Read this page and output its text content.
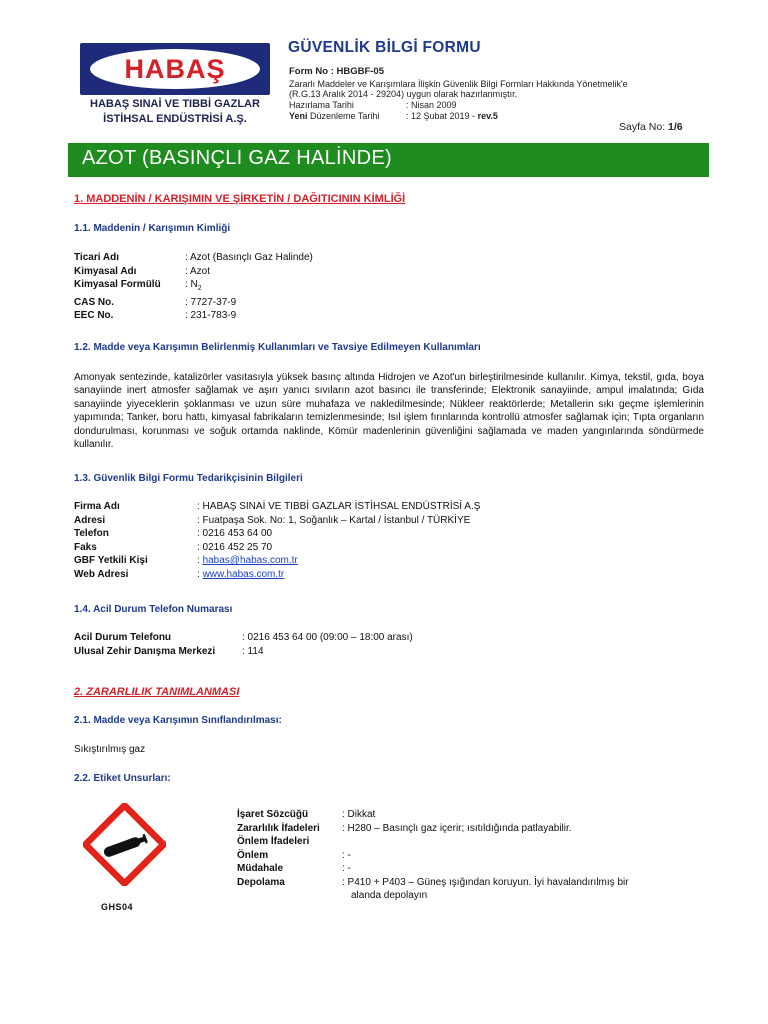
HABAŞ
HABAŞ SINAİ VE TIBBİ GAZLAR
İSTİHSAL ENDÜSTRİSİ A.Ş.
GÜVENLİK BİLGİ FORMU
Form No : HBGBF-05
Zararlı Maddeler ve Karışımlara İlişkin Güvenlik Bilgi Formları Hakkında Yönetmelik'e
(R.G.13 Aralık 2014 - 29204) uygun olarak hazırlanmıştır.
Hazırlama Tarihi	: Nisan 2009
Yeni Düzenleme Tarihi	: 12 Şubat 2019 - rev.5
Sayfa No: 1/6
AZOT (BASINÇLI GAZ HALİNDE)
1. MADDENİN / KARIŞIMIN VE ŞİRKETİN / DAĞITICININ KİMLİĞİ
1.1. Maddenin / Karışımın Kimliği
Ticari Adı	: Azot (Basınçlı Gaz Halinde)
Kimyasal Adı	: Azot
Kimyasal Formülü : $N_2$
CAS No.	: 7727-37-9
EEC No.	: 231-783-9
1.2. Madde veya Karışımın Belirlenmiş Kullanımları ve Tavsiye Edilmeyen Kullanımları
Amonyak sentezinde, katalizörler vasıtasıyla yüksek basınç altında Hidrojen ve Azot'un birleştirilmesinde kullanılır. Kimya, tekstil, gıda, boya sanayiinde inert atmosfer sağlamak ve aşırı yanıcı sıvıların azot basıncı ile transferinde; Elektronik sanayiinde, ampul imalatında; Gıda sanayiinde yiyeceklerin şoklanması ve uzun süre muhafaza ve nakledilmesinde; Nükleer reaktörlerde; Metallerin sıkı geçme işlemlerinin yapımında; Tanker, boru hattı, kimyasal fabrikaların temizlenmesinde; Isıl işlem fırınlarında kontrollü atmosfer sağlamak için; Tıpta organların dondurulması, korunması ve soğuk ortamda naklinde, Kömür madenlerinin güvenliğini sağlamada ve maden yangınlarında söndürmede kullanılır.
1.3. Güvenlik Bilgi Formu Tedarikçisinin Bilgileri
Firma Adı	: HABAŞ SINAİ VE TIBBİ GAZLAR İSTİHSAL ENDÜSTRİSİ A.Ş
Adresi	: Fuatpaşa Sok. No: 1, Soğanlık – Kartal / İstanbul / TÜRKİYE
Telefon	: 0216 453 64 00
Faks	: 0216 452 25 70
GBF Yetkili Kişi	: habas@habas.com.tr
Web Adresi	: www.habas.com.tr
1.4. Acil Durum Telefon Numarası
Acil Durum Telefonu	: 0216 453 64 00 (09:00 – 18:00 arası)
Ulusal Zehir Danışma Merkezi	: 114
2. ZARARLILIK TANIMLANMASI
2.1. Madde veya Karışımın Sınıflandırılması:
Sıkıştırılmış gaz
2.2. Etiket Unsurları:
GHS04
İşaret Sözcüğü	: Dikkat
Zararlılık İfadeleri : H280 – Basınçlı gaz içerir; ısıtıldığında patlayabilir.
Önlem İfadeleri
Önlem	: -
Müdahale	: -
Depolama	: P410 + P403 – Güneş ışığından koruyun. İyi havalandırılmış bir
alanda depolayın
